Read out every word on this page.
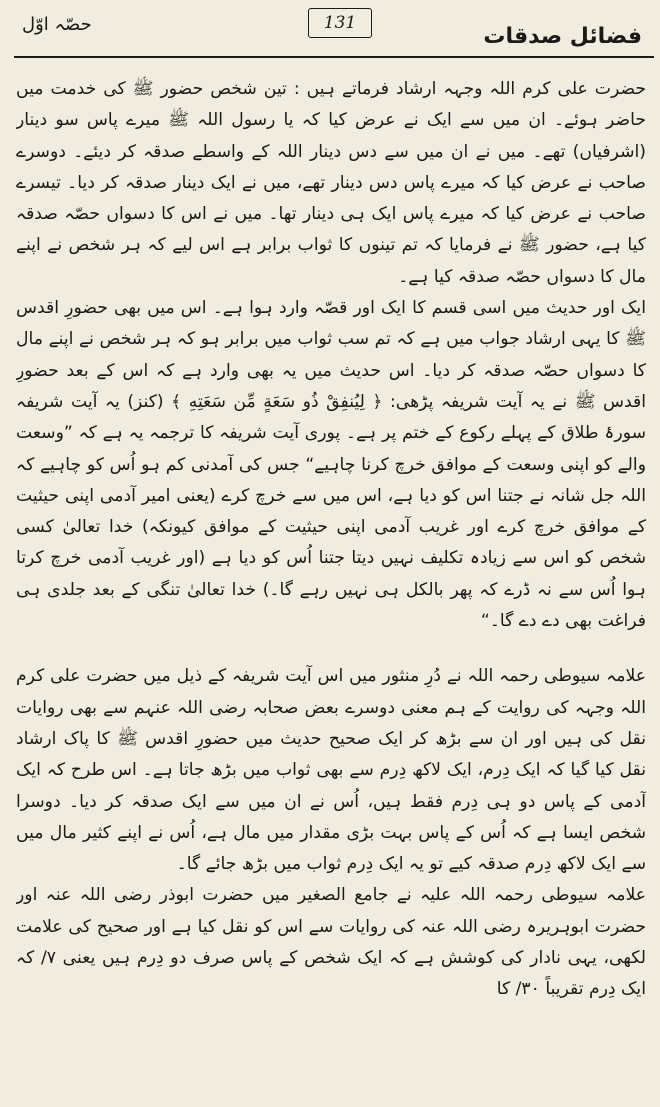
حصّہ اوّل	131
فضائل صدقات

حضرت علی کرم اللہ وجہہ ارشاد فرماتے ہیں : تین شخص حضور ﷺ کی خدمت میں حاضر ہوئے۔ ان میں سے ایک نے عرض کیا کہ یا رسول اللہ ﷺ میرے پاس سو دینار (اشرفیاں) تھے۔ میں نے ان میں سے دس دینار اللہ کے واسطے صدقہ کر دیئے۔ دوسرے صاحب نے عرض کیا کہ میرے پاس دس دینار تھے، میں نے ایک دینار صدقہ کر دیا۔ تیسرے صاحب نے عرض کیا کہ میرے پاس ایک ہی دینار تھا۔ میں نے اس کا دسواں حصّہ صدقہ کیا ہے، حضور ﷺ نے فرمایا کہ تم تینوں کا ثواب برابر ہے اس لیے کہ ہر شخص نے اپنے مال کا دسواں حصّہ صدقہ کیا ہے۔

ایک اور حدیث میں اسی قسم کا ایک اور قصّہ وارد ہوا ہے۔ اس میں بھی حضورِ اقدس ﷺ کا یہی ارشاد جواب میں ہے کہ تم سب ثواب میں برابر ہو کہ ہر شخص نے اپنے مال کا دسواں حصّہ صدقہ کر دیا۔ اس حدیث میں یہ بھی وارد ہے کہ اس کے بعد حضورِ اقدس ﷺ نے یہ آیت شریفہ پڑھی: ﴿ لِيُنفِقْ ذُو سَعَةٍ مِّن سَعَتِهِ ﴾ (کنز) یہ آیت شریفہ سورۂ طلاق کے پہلے رکوع کے ختم پر ہے۔ پوری آیت شریفہ کا ترجمہ یہ ہے کہ ”وسعت والے کو اپنی وسعت کے موافق خرچ کرنا چاہیے“ جس کی آمدنی کم ہو اُس کو چاہیے کہ اللہ جل شانہ نے جتنا اس کو دیا ہے، اس میں سے خرچ کرے (یعنی امیر آدمی اپنی حیثیت کے موافق خرچ کرے اور غریب آدمی اپنی حیثیت کے موافق کیونکہ) خدا تعالیٰ کسی شخص کو اس سے زیادہ تکلیف نہیں دیتا جتنا اُس کو دیا ہے (اور غریب آدمی خرچ کرتا ہوا اُس سے نہ ڈرے کہ پھر بالکل ہی نہیں رہے گا۔) خدا تعالیٰ تنگی کے بعد جلدی ہی فراغت بھی دے دے گا۔“

علامہ سیوطی رحمہ اللہ نے دُرِ منثور میں اس آیت شریفہ کے ذیل میں حضرت علی کرم اللہ وجہہ کی روایت کے ہم معنی دوسرے بعض صحابہ رضی اللہ عنہم سے بھی روایات نقل کی ہیں اور ان سے بڑھ کر ایک صحیح حدیث میں حضورِ اقدس ﷺ کا پاک ارشاد نقل کیا گیا کہ ایک دِرم، ایک لاکھ دِرم سے بھی ثواب میں بڑھ جاتا ہے۔ اس طرح کہ ایک آدمی کے پاس دو ہی دِرم فقط ہیں، اُس نے ان میں سے ایک صدقہ کر دیا۔ دوسرا شخص ایسا ہے کہ اُس کے پاس بہت بڑی مقدار میں مال ہے، اُس نے اپنے کثیر مال میں سے ایک لاکھ دِرم صدقہ کیے تو یہ ایک دِرم ثواب میں بڑھ جائے گا۔

علامہ سیوطی رحمہ اللہ علیہ نے جامع الصغیر میں حضرت ابوذر رضی اللہ عنہ اور حضرت ابوہریرہ رضی اللہ عنہ کی روایات سے اس کو نقل کیا ہے اور صحیح کی علامت لکھی، یہی نادار کی کوشش ہے کہ ایک شخص کے پاس صرف دو دِرم ہیں یعنی ۷/ کہ ایک دِرم تقریباً ۳۰/ کا
